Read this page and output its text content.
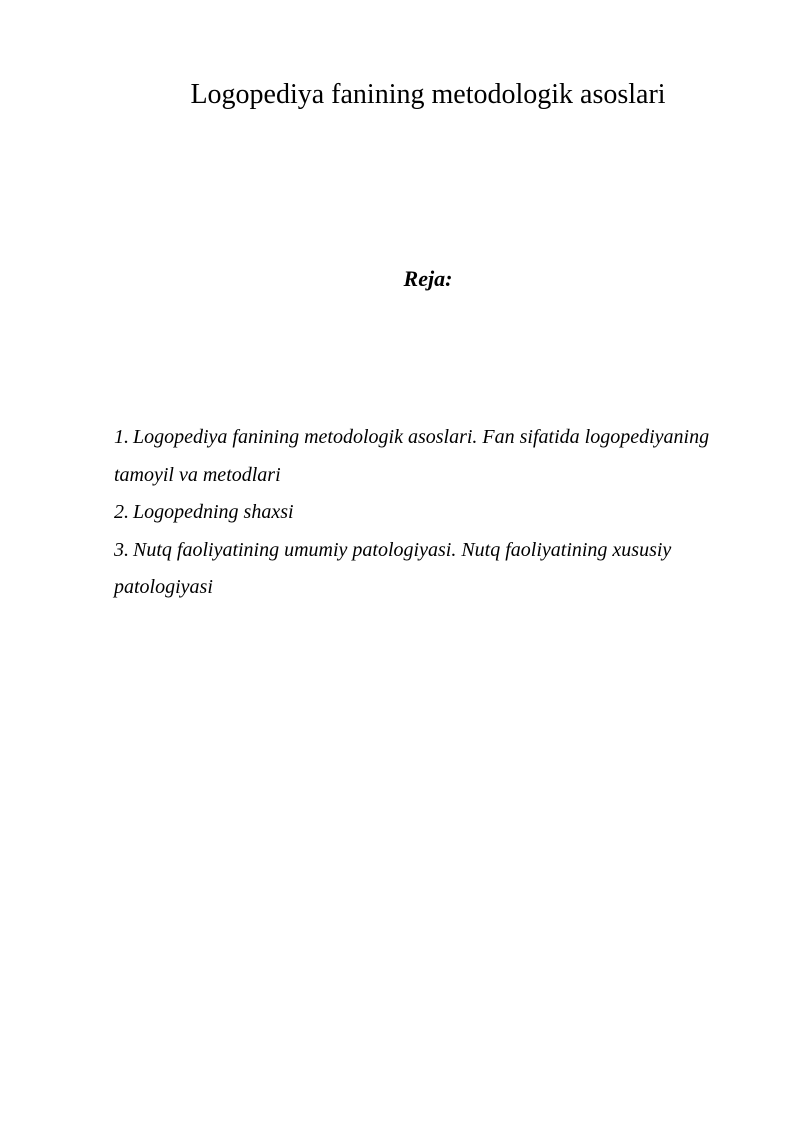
Logopediya fanining metodologik asoslari
Reja:
1. Logopediya fanining metodologik asoslari. Fan sifatida logopediyaning tamoyil va metodlari
2. Logopedning shaxsi
3. Nutq faoliyatining umumiy patologiyasi. Nutq faoliyatining xususiy patologiyasi
